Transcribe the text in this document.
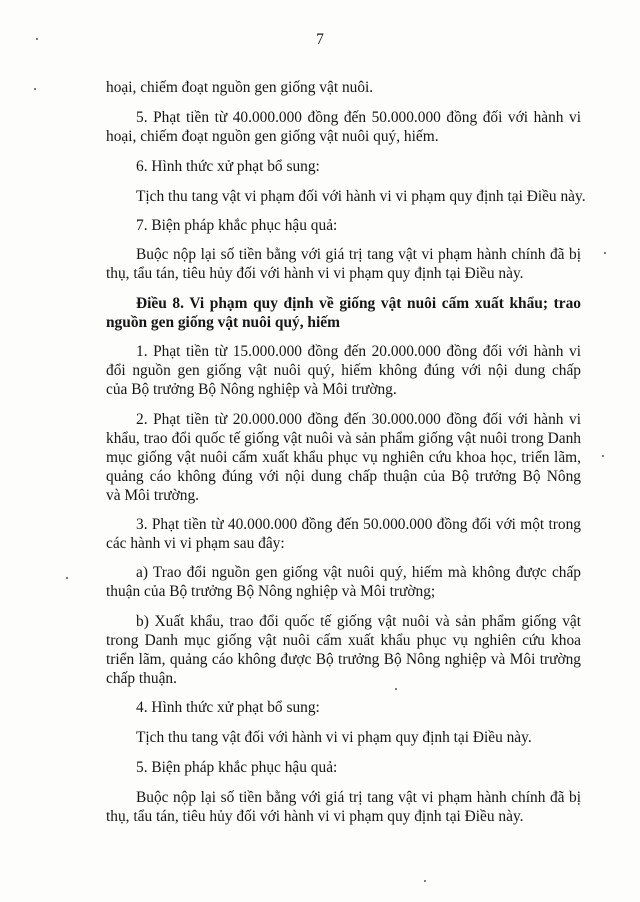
7
hoại, chiếm đoạt nguồn gen giống vật nuôi.
5. Phạt tiền từ 40.000.000 đồng đến 50.000.000 đồng đối với hành vi
hoại, chiếm đoạt nguồn gen giống vật nuôi quý, hiếm.
6. Hình thức xử phạt bổ sung:
Tịch thu tang vật vi phạm đối với hành vi vi phạm quy định tại Điều này.
7. Biện pháp khắc phục hậu quả:
Buộc nộp lại số tiền bằng với giá trị tang vật vi phạm hành chính đã bị
thụ, tẩu tán, tiêu hủy đối với hành vi vi phạm quy định tại Điều này.
Điều 8. Vi phạm quy định về giống vật nuôi cấm xuất khẩu; trao
nguồn gen giống vật nuôi quý, hiếm
1. Phạt tiền từ 15.000.000 đồng đến 20.000.000 đồng đối với hành vi
đổi nguồn gen giống vật nuôi quý, hiếm không đúng với nội dung chấp
của Bộ trưởng Bộ Nông nghiệp và Môi trường.
2. Phạt tiền từ 20.000.000 đồng đến 30.000.000 đồng đối với hành vi
khẩu, trao đổi quốc tế giống vật nuôi và sản phẩm giống vật nuôi trong Danh
mục giống vật nuôi cấm xuất khẩu phục vụ nghiên cứu khoa học, triển lãm,
quảng cáo không đúng với nội dung chấp thuận của Bộ trưởng Bộ Nông
và Môi trường.
3. Phạt tiền từ 40.000.000 đồng đến 50.000.000 đồng đối với một trong
các hành vi vi phạm sau đây:
a) Trao đổi nguồn gen giống vật nuôi quý, hiếm mà không được chấp
thuận của Bộ trưởng Bộ Nông nghiệp và Môi trường;
b) Xuất khẩu, trao đổi quốc tế giống vật nuôi và sản phẩm giống vật
trong Danh mục giống vật nuôi cấm xuất khẩu phục vụ nghiên cứu khoa
triển lãm, quảng cáo không được Bộ trưởng Bộ Nông nghiệp và Môi trường
chấp thuận.
4. Hình thức xử phạt bổ sung:
Tịch thu tang vật đối với hành vi vi phạm quy định tại Điều này.
5. Biện pháp khắc phục hậu quả:
Buộc nộp lại số tiền bằng với giá trị tang vật vi phạm hành chính đã bị
thụ, tẩu tán, tiêu hủy đối với hành vi vi phạm quy định tại Điều này.
